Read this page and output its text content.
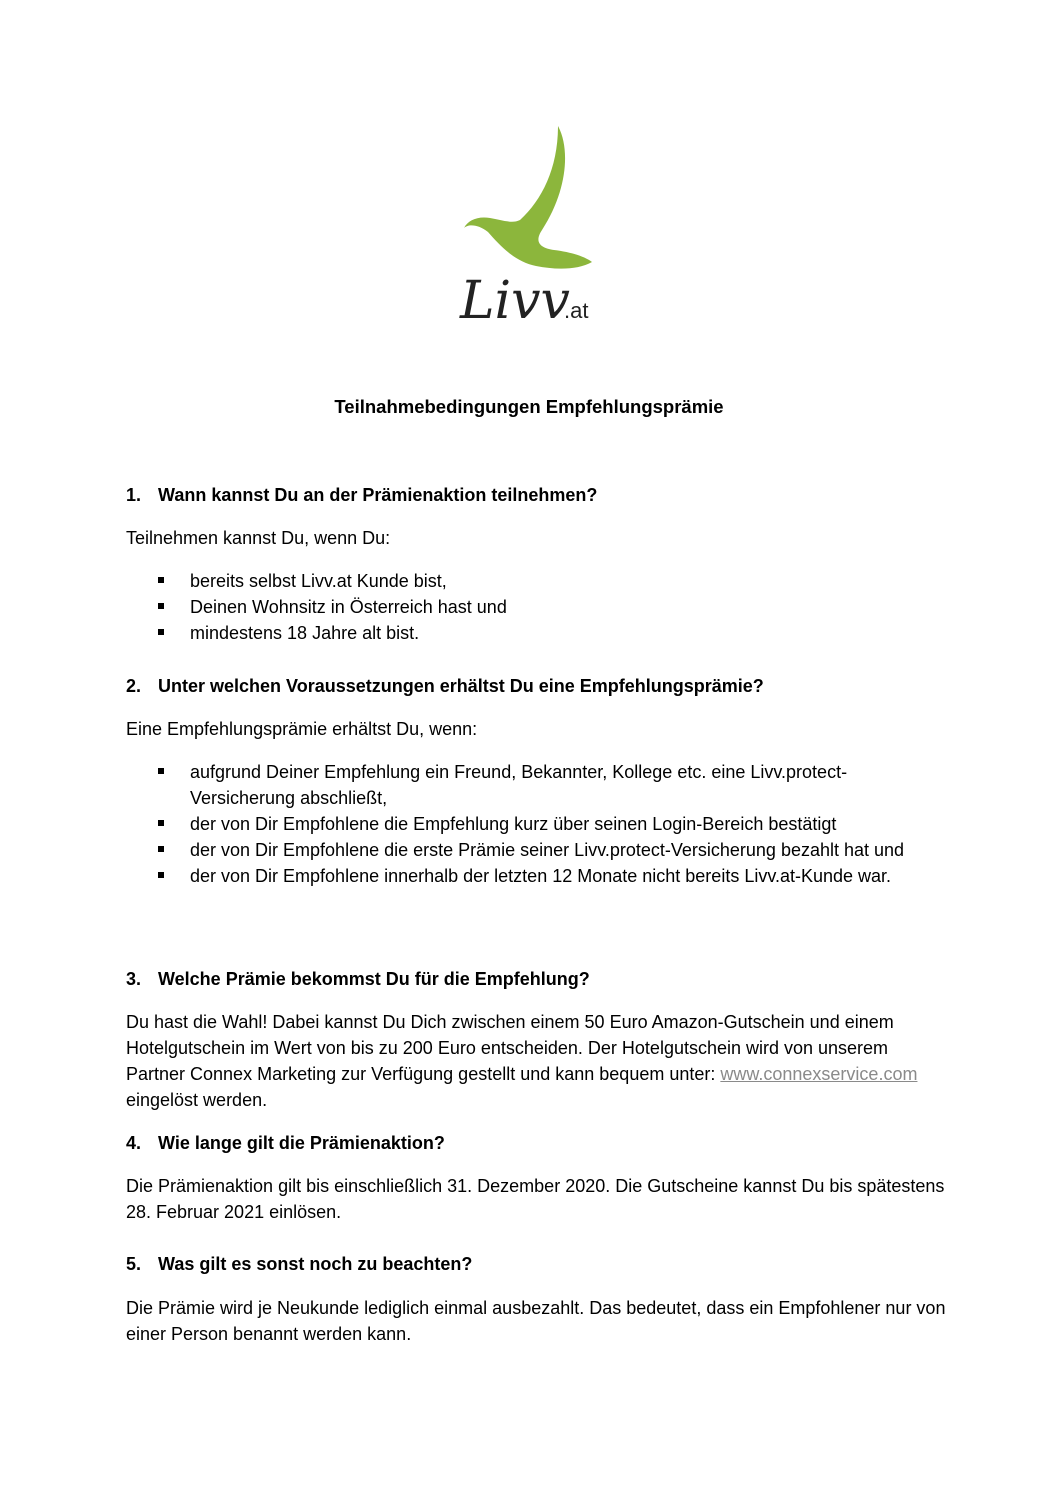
Livv
.at
Teilnahmebedingungen Empfehlungsprämie

1. Wann kannst Du an der Prämienaktion teilnehmen?

Teilnehmen kannst Du, wenn Du:

bereits selbst Livv.at Kunde bist,
Deinen Wohnsitz in Österreich hast und
mindestens 18 Jahre alt bist.

2. Unter welchen Voraussetzungen erhältst Du eine Empfehlungsprämie?

Eine Empfehlungsprämie erhältst Du, wenn:

aufgrund Deiner Empfehlung ein Freund, Bekannter, Kollege etc. eine Livv.protect-Versicherung abschließt,
der von Dir Empfohlene die Empfehlung kurz über seinen Login-Bereich bestätigt
der von Dir Empfohlene die erste Prämie seiner Livv.protect-Versicherung bezahlt hat und
der von Dir Empfohlene innerhalb der letzten 12 Monate nicht bereits Livv.at-Kunde war.

3. Welche Prämie bekommst Du für die Empfehlung?

Du hast die Wahl! Dabei kannst Du Dich zwischen einem 50 Euro Amazon-Gutschein und einem Hotelgutschein im Wert von bis zu 200 Euro entscheiden. Der Hotelgutschein wird von unserem Partner Connex Marketing zur Verfügung gestellt und kann bequem unter: www.connexservice.com eingelöst werden.

4. Wie lange gilt die Prämienaktion?

Die Prämienaktion gilt bis einschließlich 31. Dezember 2020. Die Gutscheine kannst Du bis spätestens 28. Februar 2021 einlösen.

5. Was gilt es sonst noch zu beachten?

Die Prämie wird je Neukunde lediglich einmal ausbezahlt. Das bedeutet, dass ein Empfohlener nur von einer Person benannt werden kann.
